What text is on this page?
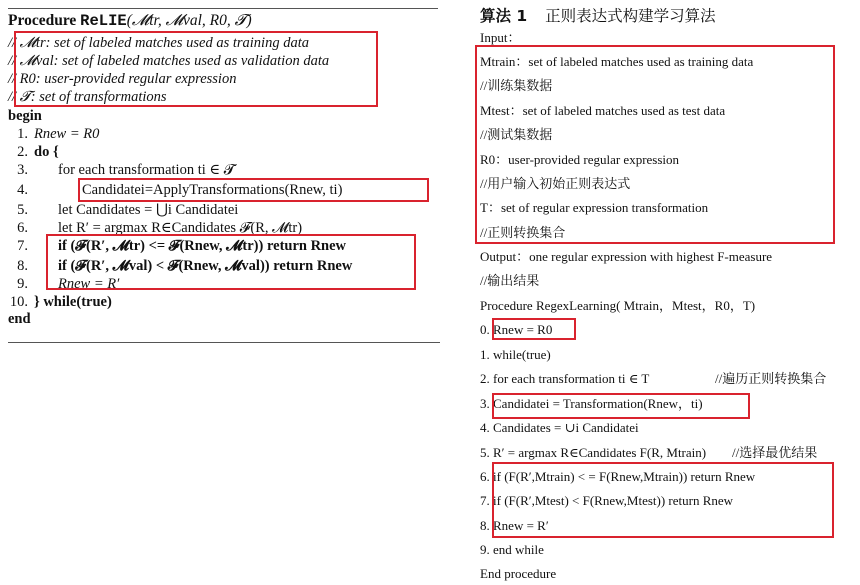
Procedure ReLIE(𝓜tr, 𝓜val, R0, 𝓣)
// 𝓜tr: set of labeled matches used as training data
// 𝓜val: set of labeled matches used as validation data
// R0: user-provided regular expression
// 𝓣: set of transformations
begin
1. Rnew = R0
2. do {
3. for each transformation ti ∈ 𝓣
4.	Candidatei=ApplyTransformations(Rnew, ti)
5. let Candidates = ⋃i Candidatei
6. let R′ = argmax R∈Candidates 𝓕(R, 𝓜tr)
7. if (𝓕(R′, 𝓜tr) <= 𝓕(Rnew, 𝓜tr)) return Rnew
8. if (𝓕(R′, 𝓜val) < 𝓕(Rnew, 𝓜val)) return Rnew
9. Rnew = R′
10. } while(true)
end
算法 1 正则表达式构建学习算法
Input：
Mtrain：set of labeled matches used as training data
//训练集数据
Mtest：set of labeled matches used as test data
//测试集数据
R0：user-provided regular expression
//用户输入初始正则表达式
T：set of regular expression transformation
//正则转换集合
Output：one regular expression with highest F-measure
//输出结果
Procedure RegexLearning( Mtrain，Mtest，R0，T)
0. Rnew = R0
1. while(true)
2. for each transformation ti ∈ T	//遍历正则转换集合
3. Candidatei = Transformation(Rnew，ti)
4. Candidates = ∪i Candidatei
5. R′ = argmax R∈Candidates F(R, Mtrain) //选择最优结果
6. if (F(R′,Mtrain) < = F(Rnew,Mtrain)) return Rnew
7. if (F(R′,Mtest) < F(Rnew,Mtest)) return Rnew
8. Rnew = R′
9. end while
End procedure
